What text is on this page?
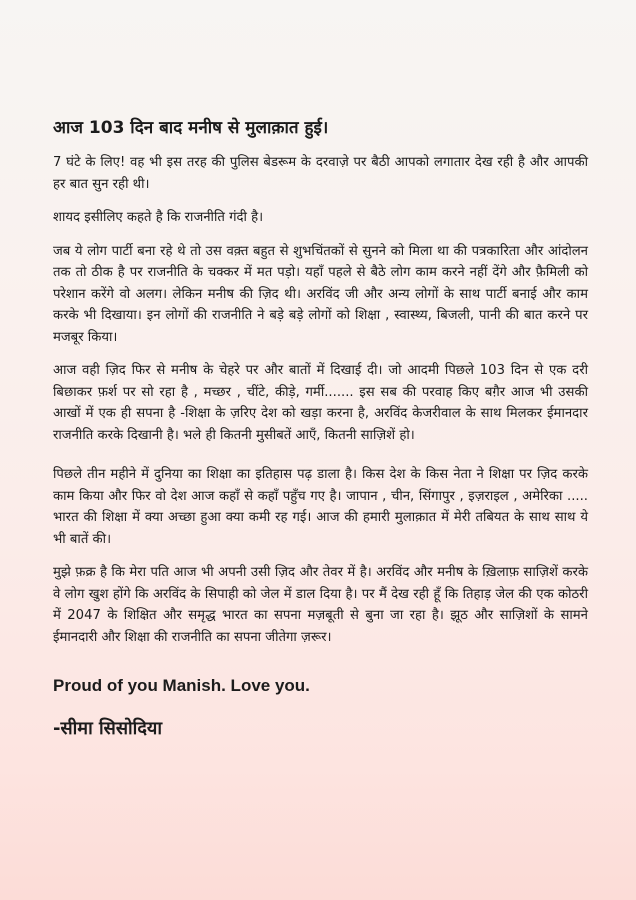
आज 103 दिन बाद मनीष से मुलाक़ात हुई।

7 घंटे के लिए! वह भी इस तरह की पुलिस बेडरूम के दरवाज़े पर बैठी आपको लगातार देख रही है और आपकी हर बात सुन रही थी।

शायद इसीलिए कहते है कि राजनीति गंदी है।

जब ये लोग पार्टी बना रहे थे तो उस वक़्त बहुत से शुभचिंतकों से सुनने को मिला था की पत्रकारिता और आंदोलन तक तो ठीक है पर राजनीति के चक्कर में मत पड़ो। यहाँ पहले से बैठे लोग काम करने नहीं देंगे और फ़ैमिली को परेशान करेंगे वो अलग। लेकिन मनीष की ज़िद थी। अरविंद जी और अन्य लोगों के साथ पार्टी बनाई और काम करके भी दिखाया। इन लोगों की राजनीति ने बड़े बड़े लोगों को शिक्षा , स्वास्थ्य, बिजली, पानी की बात करने पर मजबूर किया।

आज वही ज़िद फिर से मनीष के चेहरे पर और बातों में दिखाई दी। जो आदमी पिछले 103 दिन से एक दरी बिछाकर फ़र्श पर सो रहा है , मच्छर , चींटे, कीड़े, गर्मी....... इस सब की परवाह किए बग़ैर आज भी उसकी आखों में एक ही सपना है -शिक्षा के ज़रिए देश को खड़ा करना है, अरविंद केजरीवाल के साथ मिलकर ईमानदार राजनीति करके दिखानी है। भले ही कितनी मुसीबतें आएँ, कितनी साज़िशें हो।

पिछले तीन महीने में दुनिया का शिक्षा का इतिहास पढ़ डाला है। किस देश के किस नेता ने शिक्षा पर ज़िद करके काम किया और फिर वो देश आज कहाँ से कहाँ पहुँच गए है। जापान , चीन, सिंगापुर , इज़राइल , अमेरिका ..... भारत की शिक्षा में क्या अच्छा हुआ क्या कमी रह गई। आज की हमारी मुलाक़ात में मेरी तबियत के साथ साथ ये भी बातें की।

मुझे फ़क्र है कि मेरा पति आज भी अपनी उसी ज़िद और तेवर में है। अरविंद और मनीष के ख़िलाफ़ साज़िशें करके वे लोग खुश होंगे कि अरविंद के सिपाही को जेल में डाल दिया है। पर मैं देख रही हूँ कि तिहाड़ जेल की एक कोठरी में 2047 के शिक्षित और समृद्ध भारत का सपना मज़बूती से बुना जा रहा है। झूठ और साज़िशों के सामने ईमानदारी और शिक्षा की राजनीति का सपना जीतेगा ज़रूर।

Proud of you Manish. Love you.
-सीमा सिसोदिया
